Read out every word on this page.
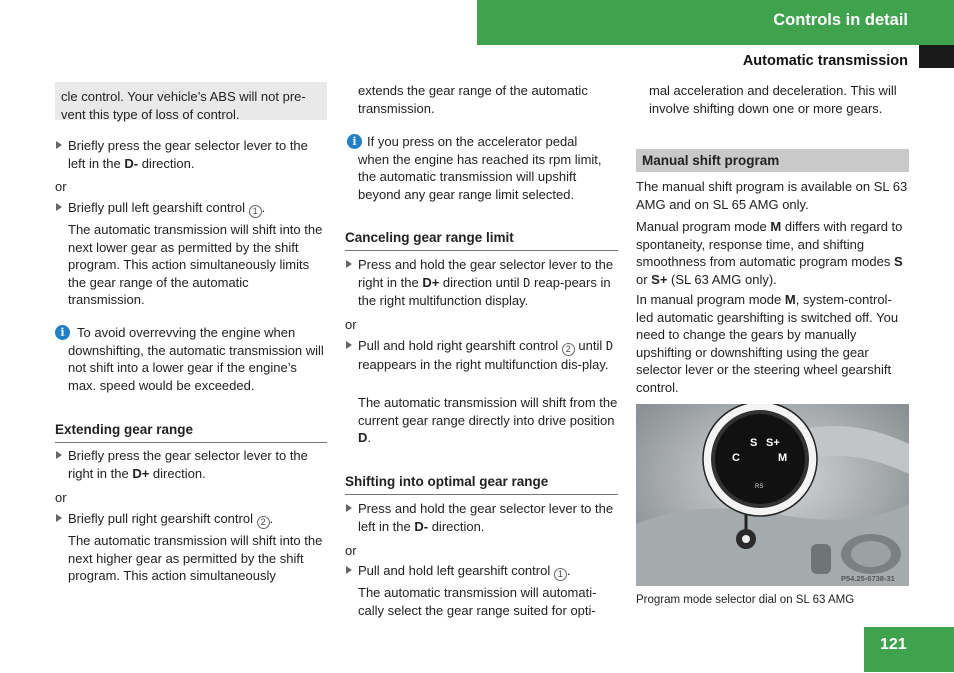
Controls in detail
Automatic transmission
cle control. Your vehicle’s ABS will not pre-
vent this type of loss of control.
Briefly press the gear selector lever to the left in the D- direction.
or
Briefly pull left gearshift control 1 .
The automatic transmission will shift into the next lower gear as permitted by the shift program. This action simultaneously limits the gear range of the automatic transmission.
i To avoid overrevving the engine when
downshifting, the automatic transmission will not shift into a lower gear if the engine’s max. speed would be exceeded.
Extending gear range
Briefly press the gear selector lever to the right in the D+ direction.
or
Briefly pull right gearshift control 2 .
The automatic transmission will shift into the next higher gear as permitted by the shift program. This action simultaneously
extends the gear range of the automatic transmission.
i If you press on the accelerator pedal
when the engine has reached its rpm limit, the automatic transmission will upshift beyond any gear range limit selected.
Canceling gear range limit
Press and hold the gear selector lever to the right in the D+ direction until D reap-pears in the right multifunction display.
or
Pull and hold right gearshift control 2 until D reappears in the right multifunction dis-play.
The automatic transmission will shift from the current gear range directly into drive position D.
Shifting into optimal gear range
Press and hold the gear selector lever to the left in the D- direction.
or
Pull and hold left gearshift control 1 .
The automatic transmission will automati-cally select the gear range suited for opti-
mal acceleration and deceleration. This will involve shifting down one or more gears.
Manual shift program
The manual shift program is available on SL 63 AMG and on SL 65 AMG only.
Manual program mode M differs with regard to spontaneity, response time, and shifting smoothness from automatic program modes S or S+ (SL 63 AMG only).
In manual program mode M, system-control-led automatic gearshifting is switched off. You need to change the gears by manually upshifting or downshifting using the gear selector lever or the steering wheel gearshift control.
S S+
C	M
RS
P54.25-6738-31
Program mode selector dial on SL 63 AMG
121
